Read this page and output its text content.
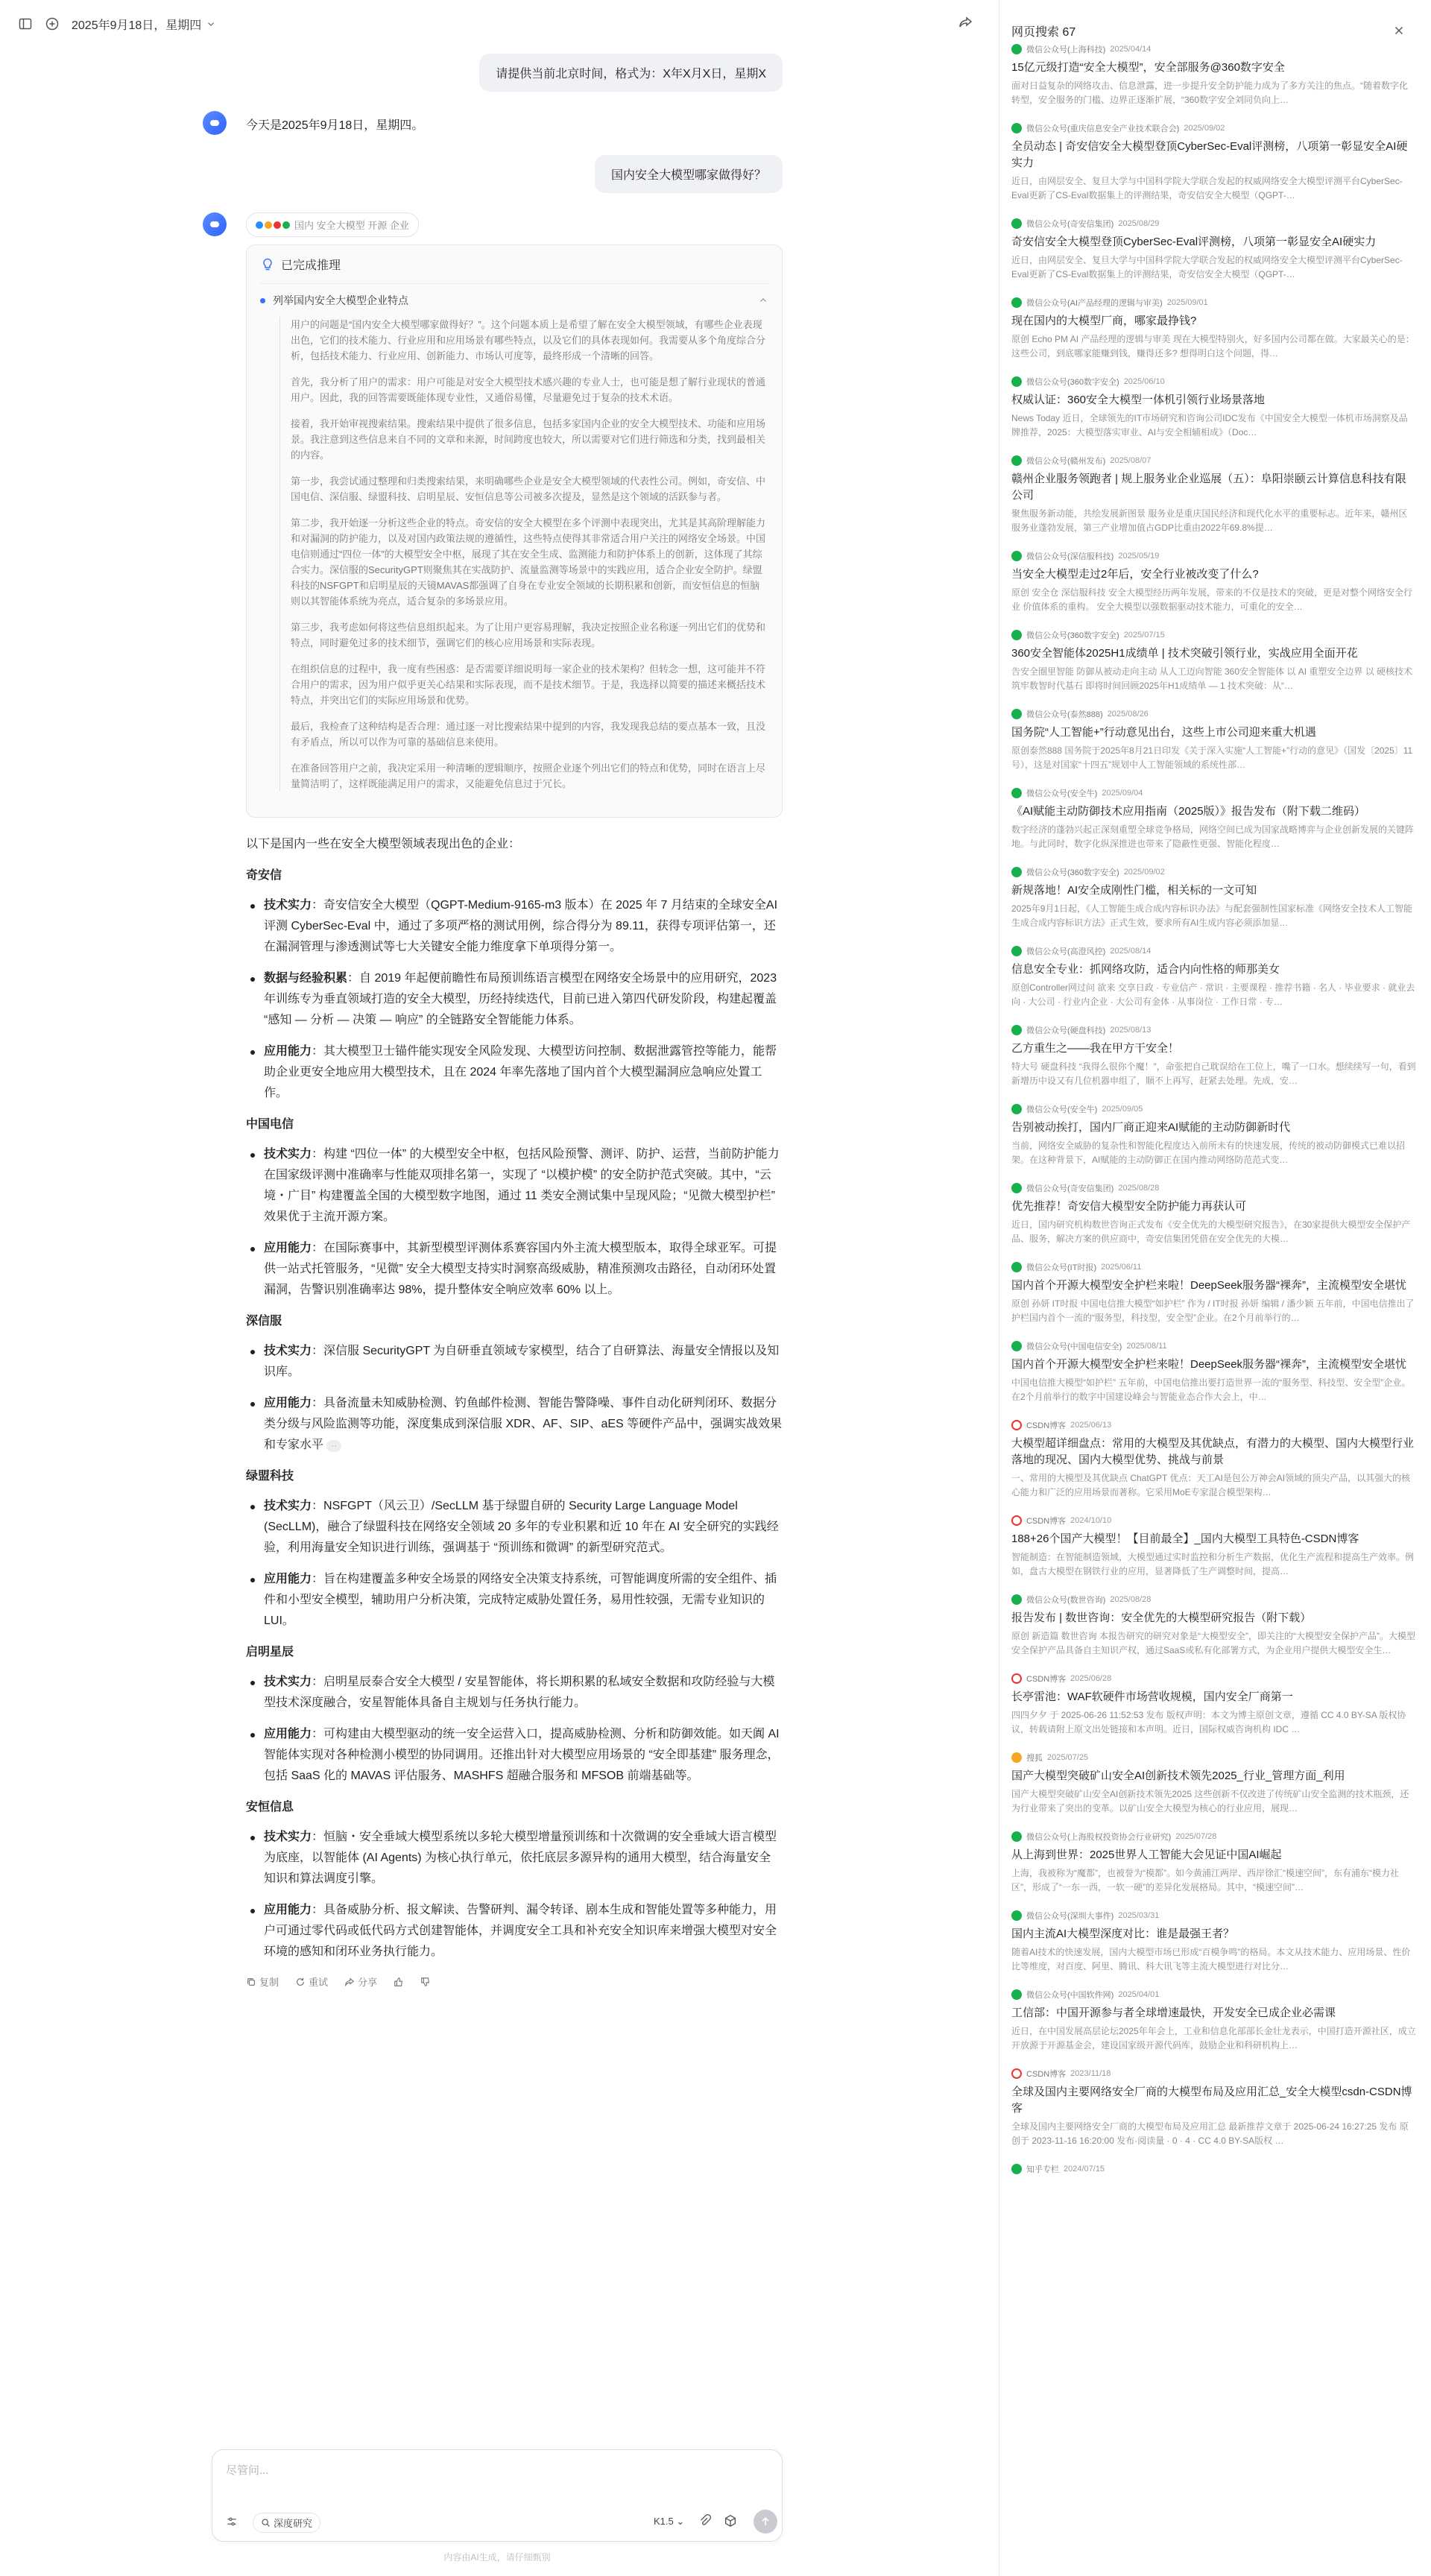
2025年9月18日，星期四
请提供当前北京时间，格式为：X年X月X日，星期X
今天是2025年9月18日，星期四。
国内安全大模型哪家做得好？
国内 安全大模型 开源 企业
已完成推理
列举国内安全大模型企业特点

用户的问题是“国内安全大模型哪家做得好？”。这个问题本质上是希望了解在安全大模型领域，有哪些企业表现出色，它们的技术能力、行业应用和应用场景有哪些特点，以及它们的具体表现如何。我需要从多个角度综合分析，包括技术能力、行业应用、创新能力、市场认可度等，最终形成一个清晰的回答。

首先，我分析了用户的需求：用户可能是对安全大模型技术感兴趣的专业人士，也可能是想了解行业现状的普通用户。因此，我的回答需要既能体现专业性，又通俗易懂，尽量避免过于复杂的技术术语。

接着，我开始审视搜索结果。搜索结果中提供了很多信息，包括多家国内企业的安全大模型技术、功能和应用场景。我注意到这些信息来自不同的文章和来源，时间跨度也较大，所以需要对它们进行筛选和分类，找到最相关的内容。

第一步，我尝试通过整理和归类搜索结果，来明确哪些企业是安全大模型领域的代表性公司。例如，奇安信、中国电信、深信服、绿盟科技、启明星辰、安恒信息等公司被多次提及，显然是这个领域的活跃参与者。

第二步，我开始逐一分析这些企业的特点。奇安信的安全大模型在多个评测中表现突出，尤其是其高阶理解能力和对漏洞的防护能力，以及对国内政策法规的遵循性，这些特点使得其非常适合用户关注的网络安全场景。中国电信则通过“四位一体”的大模型安全中枢，展现了其在安全生成、监测能力和防护体系上的创新，这体现了其综合实力。深信服的SecurityGPT则聚焦其在实战防护、流量监测等场景中的实践应用，适合企业安全防护。绿盟科技的NSFGPT和启明星辰的天镜MAVAS都强调了自身在专业安全领域的长期积累和创新，而安恒信息的恒脑则以其智能体系统为亮点，适合复杂的多场景应用。

第三步，我考虑如何将这些信息组织起来。为了让用户更容易理解，我决定按照企业名称逐一列出它们的优势和特点，同时避免过多的技术细节，强调它们的核心应用场景和实际表现。

在组织信息的过程中，我一度有些困惑：是否需要详细说明每一家企业的技术架构？但转念一想，这可能并不符合用户的需求，因为用户似乎更关心结果和实际表现，而不是技术细节。于是，我选择以简要的描述来概括技术特点，并突出它们的实际应用场景和优势。

最后，我检查了这种结构是否合理：通过逐一对比搜索结果中提到的内容，我发现我总结的要点基本一致，且没有矛盾点，所以可以作为可靠的基础信息来使用。

在准备回答用户之前，我决定采用一种清晰的逻辑顺序，按照企业逐个列出它们的特点和优势，同时在语言上尽量简洁明了，这样既能满足用户的需求，又能避免信息过于冗长。

以下是国内一些在安全大模型领域表现出色的企业：

奇安信
技术实力：奇安信安全大模型（QGPT-Medium-9165-m3 版本）在 2025 年 7 月结束的全球安全AI 评测 CyberSec-Eval 中，通过了多项严格的测试用例，综合得分为 89.11，获得专项评估第一，还在漏洞管理与渗透测试等七大关键安全能力维度拿下单项得分第一。
数据与经验积累：自 2019 年起便前瞻性布局预训练语言模型在网络安全场景中的应用研究，2023 年训练专为垂直领域打造的安全大模型，历经持续迭代，目前已进入第四代研发阶段，构建起覆盖 “感知 — 分析 — 决策 — 响应” 的全链路安全智能能力体系。
应用能力：其大模型卫士锚件能实现安全风险发现、大模型访问控制、数据泄露管控等能力，能帮助企业更安全地应用大模型技术，且在 2024 年率先落地了国内首个大模型漏洞应急响应处置工作。
中国电信
技术实力：构建 “四位一体” 的大模型安全中枢，包括风险预警、测评、防护、运营，当前防护能力在国家级评测中准确率与性能双项排名第一，实现了 “以模护模” 的安全防护范式突破。其中，“云境・广目” 构建覆盖全国的大模型数字地图，通过 11 类安全测试集中呈现风险；“见微大模型护栏” 效果优于主流开源方案。
应用能力：在国际赛事中，其新型模型评测体系赛容国内外主流大模型版本，取得全球亚军。可提供一站式托管服务，“见微” 安全大模型支持实时洞察高级威胁，精准预测攻击路径，自动闭环处置漏洞，告警识别准确率达 98%，提升整体安全响应效率 60% 以上。
深信服
技术实力：深信服 SecurityGPT 为自研垂直领域专家模型，结合了自研算法、海量安全情报以及知识库。
应用能力：具备流量未知威胁检测、钓鱼邮件检测、智能告警降噪、事件自动化研判闭环、数据分类分级与风险监测等功能，深度集成到深信服 XDR、AF、SIP、aES 等硬件产品中，强调实战效果和专家水平 ··
绿盟科技
技术实力：NSFGPT（风云卫）/SecLLM 基于绿盟自研的 Security Large Language Model (SecLLM)，融合了绿盟科技在网络安全领域 20 多年的专业积累和近 10 年在 AI 安全研究的实践经验，利用海量安全知识进行训练，强调基于 “预训练和微调” 的新型研究范式。
应用能力：旨在构建覆盖多种安全场景的网络安全决策支持系统，可智能调度所需的安全组件、插件和小型安全模型，辅助用户分析决策，完成特定威胁处置任务，易用性较强，无需专业知识的 LUI。
启明星辰
技术实力：启明星辰泰合安全大模型 / 安星智能体，将长期积累的私域安全数据和攻防经验与大模型技术深度融合，安星智能体具备自主规划与任务执行能力。
应用能力：可构建由大模型驱动的统一安全运营入口，提高威胁检测、分析和防御效能。如天阗 AI 智能体实现对各种检测小模型的协同调用。还推出针对大模型应用场景的 “安全即基建” 服务理念，包括 SaaS 化的 MAVAS 评估服务、MASHFS 超融合服务和 MFSOB 前端基础等。
安恒信息
技术实力：恒脑・安全垂域大模型系统以多轮大模型增量预训练和十次微调的安全垂域大语言模型为底座，以智能体 (AI Agents) 为核心执行单元，依托底层多源异构的通用大模型，结合海量安全知识和算法调度引擎。
应用能力：具备威胁分析、报文解读、告警研判、漏令转译、剧本生成和智能处置等多种能力，用户可通过零代码或低代码方式创建智能体，并调度安全工具和补充安全知识库来增强大模型对安全环境的感知和闭环业务执行能力。
复制	重试	分享
尽管问...
深度研究	K1.5 ⌄
内容由AI生成，请仔细甄别
网页搜索 67
微信公众号(上海科技) 2025/04/14
15亿元级打造“安全大模型”，安全部服务@360数字安全
面对日益复杂的网络攻击、信息泄露，进一步提升安全防护能力成为了多方关注的焦点。“随着数字化转型，安全服务的门槛、边界正逐渐扩展，“360数字安全刘同负向上…
微信公众号(重庆信息安全产业技术联合会) 2025/09/02
全员动态 | 奇安信安全大模型登顶CyberSec-Eval评测榜，八项第一彰显安全AI硬实力
近日，由网层安全、复旦大学与中国科学院大学联合发起的权威网络安全大模型评测平台CyberSec-Eval更新了CS-Eval数据集上的评测结果，奇安信安全大模型（QGPT-…
微信公众号(奇安信集团) 2025/08/29
奇安信安全大模型登顶CyberSec-Eval评测榜，八项第一彰显安全AI硬实力
近日，由网层安全、复旦大学与中国科学院大学联合发起的权威网络安全大模型评测平台CyberSec-Eval更新了CS-Eval数据集上的评测结果，奇安信安全大模型（QGPT-…
微信公众号(AI产品经理的逻辑与审美) 2025/09/01
现在国内的大模型厂商，哪家最挣钱?
原创 Echo PM AI 产品经理的逻辑与审美 现在大模型特别火，好多国内公司都在做。大家最关心的是：这些公司，到底哪家能赚到钱，赚得还多? 想得明白这个问题，得…
微信公众号(360数字安全) 2025/06/10
权威认证：360安全大模型一体机引领行业场景落地
News Today 近日，全球领先的IT市场研究和咨询公司IDC发布《中国安全大模型一体机市场洞察及品牌推荐，2025：大模型落实审业、AI与安全相辅相成》（Doc…
微信公众号(赣州发布) 2025/08/07
赣州企业服务领跑者 | 规上服务业企业巡展（五）：阜阳崇颐云计算信息科技有限公司
聚焦服务新动能，共绘发展新图景 服务业是重庆国民经济和现代化水平的重要标志。近年来，赣州区服务业蓬勃发展，第三产业增加值占GDP比重由2022年69.8%提…
微信公众号(深信服科技) 2025/05/19
当安全大模型走过2年后，安全行业被改变了什么?
原创 安全仓 深信服科技 安全大模型经历两年发展，带来的不仅是技术的突破，更是对整个网络安全行业 价值体系的重构。 安全大模型以强数据驱动技术能力，可重化的安全…
微信公众号(360数字安全) 2025/07/15
360安全智能体2025H1成绩单 | 技术突破引领行业，实战应用全面开花
告安全圈里智能 防御从被动走向主动 从人工迈向智能 360安全智能体 以 AI 重塑安全边界 以 硬核技术 筑牢数智时代基石 即将时间回顾2025年H1成绩单 — 1 技术突破：从“…
微信公众号(泰然888) 2025/08/26
国务院“人工智能+”行动意见出台，这些上市公司迎来重大机遇
原创泰然888 国务院于2025年8月21日印发《关于深入实施“人工智能+”行动的意见》（国发〔2025〕11号），这是对国家“十四五”规划中人工智能领域的系统性部…
微信公众号(安全牛) 2025/09/04
《AI赋能主动防御技术应用指南（2025版）》报告发布（附下载二维码）
数字经济的蓬勃兴起正深刻重塑全球竞争格局，网络空间已成为国家战略博弈与企业创新发展的关键阵地。与此同时，数字化纵深推进也带来了隐蔽性更强、智能化程度…
微信公众号(360数字安全) 2025/09/02
新规落地！AI安全成刚性门槛，相关标的一文可知
2025年9月1日起，《人工智能生成合成内容标识办法》与配套强制性国家标准《网络安全技术人工智能生成合成内容标识方法》正式生效，要求所有AI生成内容必须添加显…
微信公众号(高澄风控) 2025/08/14
信息安全专业：抓网络攻防，适合内向性格的师那美女
原创Controller网过问 欲来 交享日政 · 专业信产 · 常识 · 主要课程 · 推荐书籍 · 名人 · 毕业要求 · 就业去向 · 大公司 · 行业内企业 · 大公司有金体 · 从事岗位 · 工作日常 · 专…
微信公众号(硬盘科技) 2025/08/13
乙方重生之——我在甲方干安全！
特大号 硬盘科技 “我得么很你个魔！”，命张把自己耽误给在工位上，嘴了一口水。想续续写一句，看到新增历中设又有几位机器申组了，顺不上再写，赶紧去处理。先成，安…
微信公众号(安全牛) 2025/09/05
告别被动挨打，国内厂商正迎来AI赋能的主动防御新时代
当前，网络安全威胁的复杂性和智能化程度达入前所未有的快速发展，传统的被动防御模式已难以招架。在这种背景下，AI赋能的主动防御正在国内推动网络防范范式变…
微信公众号(奇安信集团) 2025/08/28
优先推荐！奇安信大模型安全防护能力再获认可
近日，国内研究机构数世咨询正式发布《安全优先的大模型研究报告》，在30家提供大模型安全保护产品、服务，解决方案的供应商中，奇安信集团凭借在安全优先的大模…
微信公众号(IT时报) 2025/06/11
国内首个开源大模型安全护栏来啦！DeepSeek服务器“裸奔”，主流模型安全堪忧
原创 孙妍 IT时报 中国电信推大模型“如护栏” 作为 / IT时报 孙妍 编辑 / 潘少颖 五年前，中国电信推出了护栏国内首个一流的“服务型，科技型，安全型”企业。在2个月前举行的…
微信公众号(中国电信安全) 2025/08/11
国内首个开源大模型安全护栏来啦！DeepSeek服务器“裸奔”，主流模型安全堪忧
中国电信推大模型“如护栏” 五年前，中国电信推出要打造世界一流的“服务型、科技型、安全型”企业。在2个月前举行的数字中国建设峰会与智能业态合作大会上，中…
CSDN博客 2025/06/13
大模型超详细盘点：常用的大模型及其优缺点，有潜力的大模型、国内大模型行业落地的现况、国内大模型优势、挑战与前景
一、常用的大模型及其优缺点 ChatGPT 优点：天工AI是包公万神会AI领域的顶尖产品，以其强大的核心能力和广泛的应用场景而著称。它采用MoE专家混合模型架构…
CSDN博客 2024/10/10
188+26个国产大模型！【目前最全】_国内大模型工具特色-CSDN博客
智能制造：在智能制造领域，大模型通过实时监控和分析生产数据，优化生产流程和提高生产效率。例如，盘古大模型在钢铁行业的应用，显著降低了生产调整时间，提高…
微信公众号(数世咨询) 2025/08/28
报告发布 | 数世咨询：安全优先的大模型研究报告（附下载）
原创 新造篇 数世咨询 本报告研究的研究对象是“大模型安全”，即关注的“大模型安全保护产品”。大模型安全保护产品具备自主知识产权，通过SaaS或私有化部署方式，为企业用户提供大模型安全生…
CSDN博客 2025/06/28
长亭雷池：WAF软硬件市场营收规模，国内安全厂商第一
四四夕夕 于 2025-06-26 11:52:53 发布 版权声明：本文为博主原创文章，遵循 CC 4.0 BY-SA 版权协议，转载请附上原文出处链接和本声明。近日，国际权威咨询机构 IDC …
搜狐 2025/07/25
国产大模型突破矿山安全AI创新技术领先2025_行业_管理方面_利用
国产大模型突破矿山安全AI创新技术领先2025 这些创新不仅改进了传统矿山安全监测的技术瓶颈，还为行业带来了突出的变革。以矿山安全大模型为核心的行业应用，展现…
微信公众号(上海股权投资协会行业研究) 2025/07/28
从上海到世界：2025世界人工智能大会见证中国AI崛起
上海，我被称为“魔都”，也被誉为“模都”。如今黄浦江两岸、西岸徐汇“模速空间”，东有浦东“模力社区”，形成了“一东一西，一软一硬”的差异化发展格局。其中，“模速空间”…
微信公众号(深圳大事件) 2025/03/31
国内主流AI大模型深度对比：谁是最强王者？
随着AI技术的快速发展，国内大模型市场已形成“百模争鸣”的格局。本文从技术能力、应用场景、性价比等维度，对百度、阿里、腾讯、科大讯飞等主流大模型进行对比分…
微信公众号(中国软件网) 2025/04/01
工信部：中国开源参与者全球增速最快，开发安全已成企业必需课
近日，在中国发展高层论坛2025年年会上，工业和信息化部部长金壮龙表示，中国打造开源社区，成立开放源于开源基金会，建设国家级开源代码库，鼓励企业和科研机构上…
CSDN博客 2023/11/18
全球及国内主要网络安全厂商的大模型布局及应用汇总_安全大模型csdn-CSDN博客
全球及国内主要网络安全厂商的大模型布局及应用汇总 最新推荐文章于 2025-06-24 16:27:25 发布 原创于 2023-11-16 16:20:00 发布·阅读量 · 0 · 4 · CC 4.0 BY-SA版权 …
知乎专栏 2024/07/15
